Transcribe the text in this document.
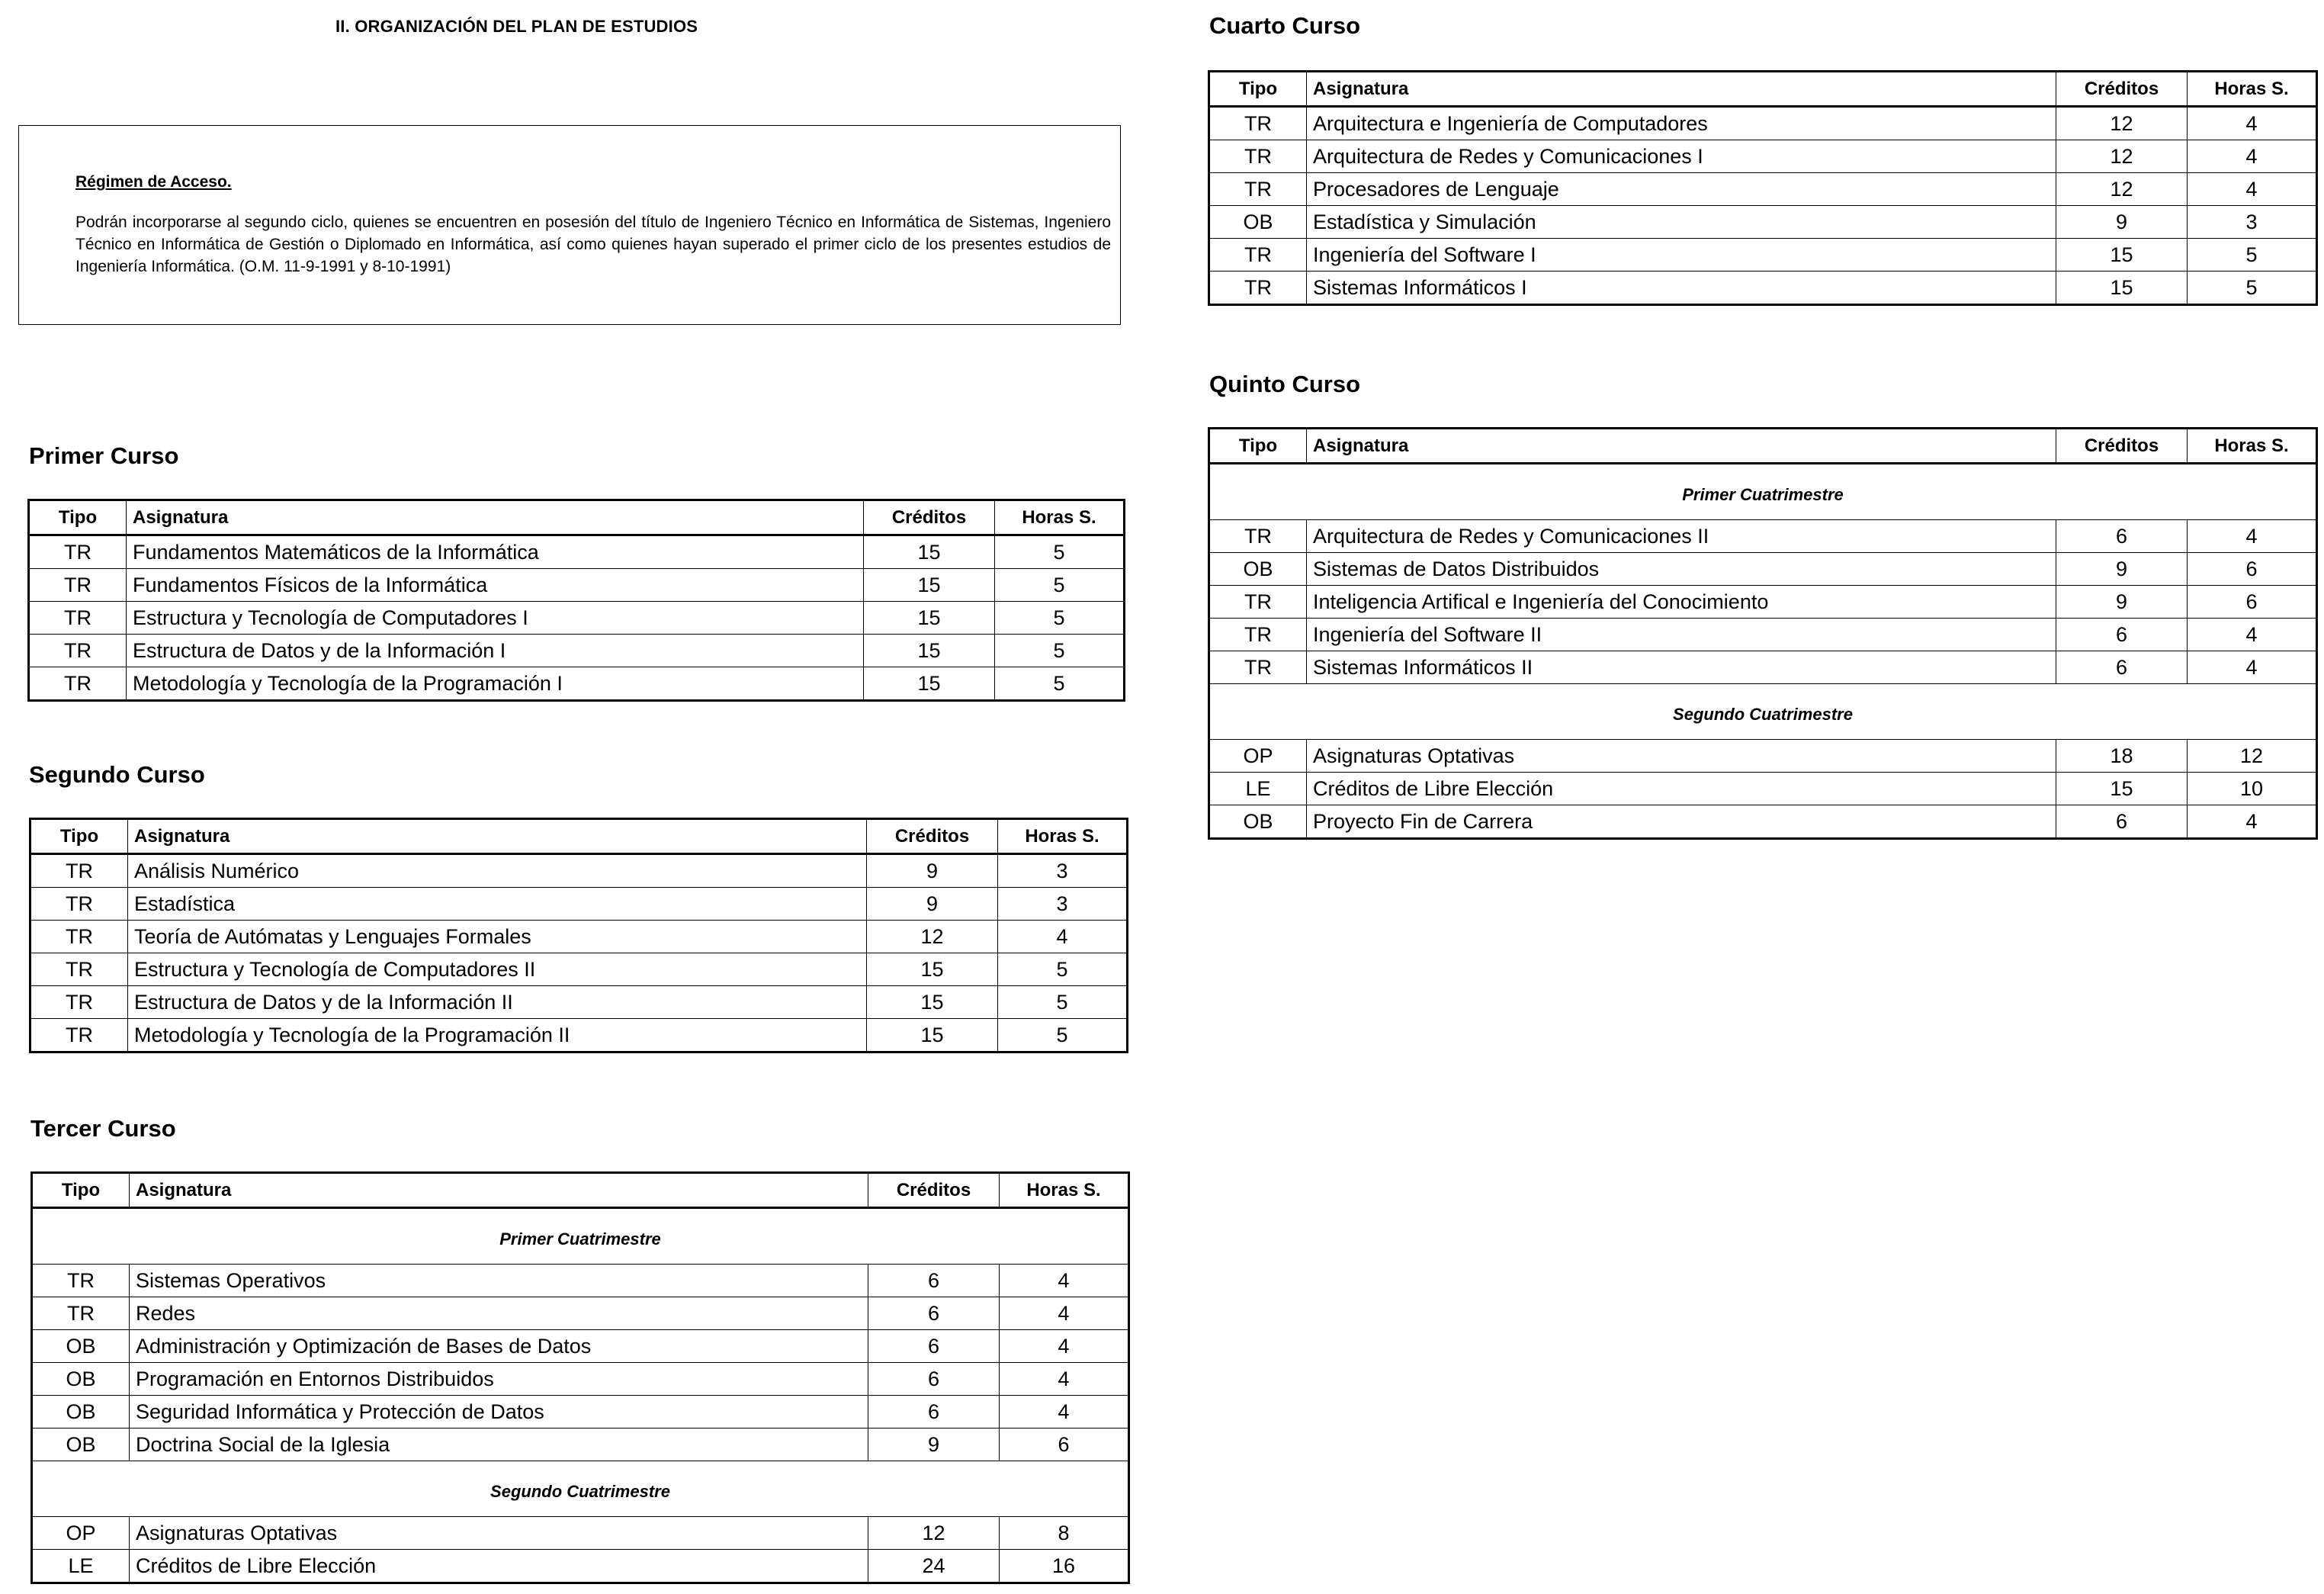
II. ORGANIZACIÓN DEL PLAN DE ESTUDIOS
Régimen de Acceso.
Podrán incorporarse al segundo ciclo, quienes se encuentren en posesión del título de Ingeniero Técnico en Informática de Sistemas, Ingeniero Técnico en Informática de Gestión o Diplomado en Informática, así como quienes hayan superado el primer ciclo de los presentes estudios de Ingeniería Informática. (O.M. 11-9-1991 y 8-10-1991)
Primer Curso
Segundo Curso
Tercer Curso
Cuarto Curso
Quinto Curso
Tipo	Asignatura	Créditos	Horas S.
TR	Fundamentos Matemáticos de la Informática	15	5
TR	Fundamentos Físicos de la Informática	15	5
TR	Estructura y Tecnología de Computadores I	15	5
TR	Estructura de Datos y de la Información I	15	5
TR	Metodología y Tecnología de la Programación I	15	5
Tipo	Asignatura	Créditos	Horas S.
TR	Análisis Numérico	9	3
TR	Estadística	9	3
TR	Teoría de Autómatas y Lenguajes Formales	12	4
TR	Estructura y Tecnología de Computadores II	15	5
TR	Estructura de Datos y de la Información II	15	5
TR	Metodología y Tecnología de la Programación II	15	5
Tipo	Asignatura	Créditos	Horas S.
Primer Cuatrimestre			
TR	Sistemas Operativos	6	4
TR	Redes	6	4
OB	Administración y Optimización de Bases de Datos	6	4
OB	Programación en Entornos Distribuidos	6	4
OB	Seguridad Informática y Protección de Datos	6	4
OB	Doctrina Social de la Iglesia	9	6
Segundo Cuatrimestre			
OP	Asignaturas Optativas	12	8
LE	Créditos de Libre Elección	24	16
Tipo	Asignatura	Créditos	Horas S.
TR	Arquitectura e Ingeniería de Computadores	12	4
TR	Arquitectura de Redes y Comunicaciones I	12	4
TR	Procesadores de Lenguaje	12	4
OB	Estadística y Simulación	9	3
TR	Ingeniería del Software I	15	5
TR	Sistemas Informáticos I	15	5
Tipo	Asignatura	Créditos	Horas S.
Primer Cuatrimestre			
TR	Arquitectura de Redes y Comunicaciones II	6	4
OB	Sistemas de Datos Distribuidos	9	6
TR	Inteligencia Artifical e Ingeniería del Conocimiento	9	6
TR	Ingeniería del Software II	6	4
TR	Sistemas Informáticos II	6	4
Segundo Cuatrimestre			
OP	Asignaturas Optativas	18	12
LE	Créditos de Libre Elección	15	10
OB	Proyecto Fin de Carrera	6	4
